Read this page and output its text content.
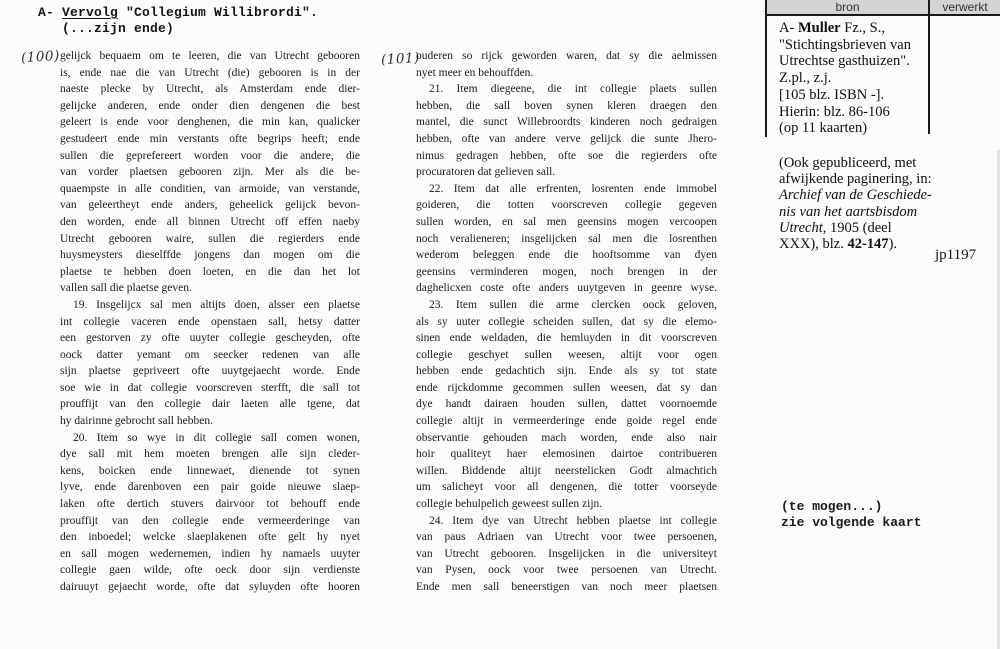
A- Vervolg "Collegium Willibrordi".
(...zijn ende)
(100)	(101)
gelijck bequaem om te leeren, die van Utrecht gebooren
is, ende nae die van Utrecht (die) gebooren is in der
naeste plecke by Utrecht, als Amsterdam ende dier-
gelijcke anderen, ende onder dien dengenen die best
geleert is ende voor denghenen, die min kan, qualicker
gestudeert ende min verstants ofte begrips heeft; ende
sullen die geprefereert worden voor die andere, die
van vorder plaetsen gebooren zijn. Mer als die be-
quaempste in alle conditien, van armoide, van verstande,
van geleertheyt ende anders, geheelick gelijck bevon-
den worden, ende all binnen Utrecht off effen naeby
Utrecht gebooren waire, sullen die regierders ende
huysmeysters dieselffde jongens dan mogen om die
plaetse te hebben doen loeten, en die dan het lot
vallen sall die plaetse geven.
19. Insgelijcx sal men altijts doen, alsser een plaetse
int collegie vaceren ende openstaen sall, hetsy datter
een gestorven zy ofte uuyter collegie gescheyden, ofte
oock datter yemant om seecker redenen van alle
sijn plaetse gepriveert ofte uuytgejaecht worde. Ende
soe wie in dat collegie voorscreven sterfft, die sall tot
prouffijt van den collegie dair laeten alle tgene, dat
hy dairinne gebrocht sall hebben.
20. Item so wye in dit collegie sall comen wonen,
dye sall mit hem moeten brengen alle sijn cleder-
kens, boicken ende linnewaet, dienende tot synen
lyve, ende darenboven een pair goide nieuwe slaep-
laken ofte dertich stuvers dairvoor tot behouff ende
prouffijt van den collegie ende vermeerderinge van
den inboedel; welcke slaeplakenen ofte gelt hy nyet
en sall mogen wedernemen, indien hy namaels uuyter
collegie gaen wilde, ofte oeck door sijn verdienste
dairuuyt gejaecht worde, ofte dat syluyden ofte hooren
ouderen so rijck geworden waren, dat sy die aelmissen
nyet meer en behouffden.
21. Item diegeene, die int collegie plaets sullen
hebben, die sall boven synen kleren draegen den
mantel, die sunct Willebroordts kinderen noch gedraigen
hebben, ofte van andere verve gelijck die sunte Jhero-
nimus gedragen hebben, ofte soe die regierders ofte
procuratoren dat gelieven sall.
22. Item dat alle erfrenten, losrenten ende immobel
goideren, die totten voorscreven collegie gegeven
sullen worden, en sal men geensins mogen vercoopen
noch veralieneren; insgelijcken sal men die losrenthen
wederom beleggen ende die hooftsomme van dyen
geensins verminderen mogen, noch brengen in der
daghelicxen coste ofte anders uuytgeven in geenre wyse.
23. Item sullen die arme clercken oock geloven,
als sy uuter collegie scheiden sullen, dat sy die elemo-
sinen ende weldaden, die hemluyden in dit voorscreven
collegie geschyet sullen weesen, altijt voor ogen
hebben ende gedachtich sijn. Ende als sy tot state
ende rijckdomme gecommen sullen weesen, dat sy dan
dye handt dairaen houden sullen, dattet voornoemde
collegie altijt in vermeerderinge ende goide regel ende
observantie gehouden mach worden, ende also nair
hoir qualiteyt haer elemosinen dairtoe contribueren
willen. Biddende altijt neerstelicken Godt almachtich
um salicheyt voor all dengenen, die totter voorseyde
collegie behulpelich geweest sullen zijn.
24. Item dye van Utrecht hebben plaetse int collegie
van paus Adriaen van Utrecht voor twee persoenen,
van Utrecht gebooren. Insgelijcken in die universiteyt
van Pysen, oock voor twee persoenen van Utrecht.
Ende men sall beneerstigen van noch meer plaetsen
bron	verwerkt
A- Muller Fz., S.,
"Stichtingsbrieven van
Utrechtse gasthuizen".
Z.pl., z.j.
[105 blz. ISBN -].
Hierin: blz. 86-106
(op 11 kaarten)
(Ook gepubliceerd, met
afwijkende paginering, in:
Archief van de Geschiede-
nis van het aartsbisdom
Utrecht, 1905 (deel
XXX), blz. 42-147).
jp1197
(te mogen...)
zie volgende kaart
